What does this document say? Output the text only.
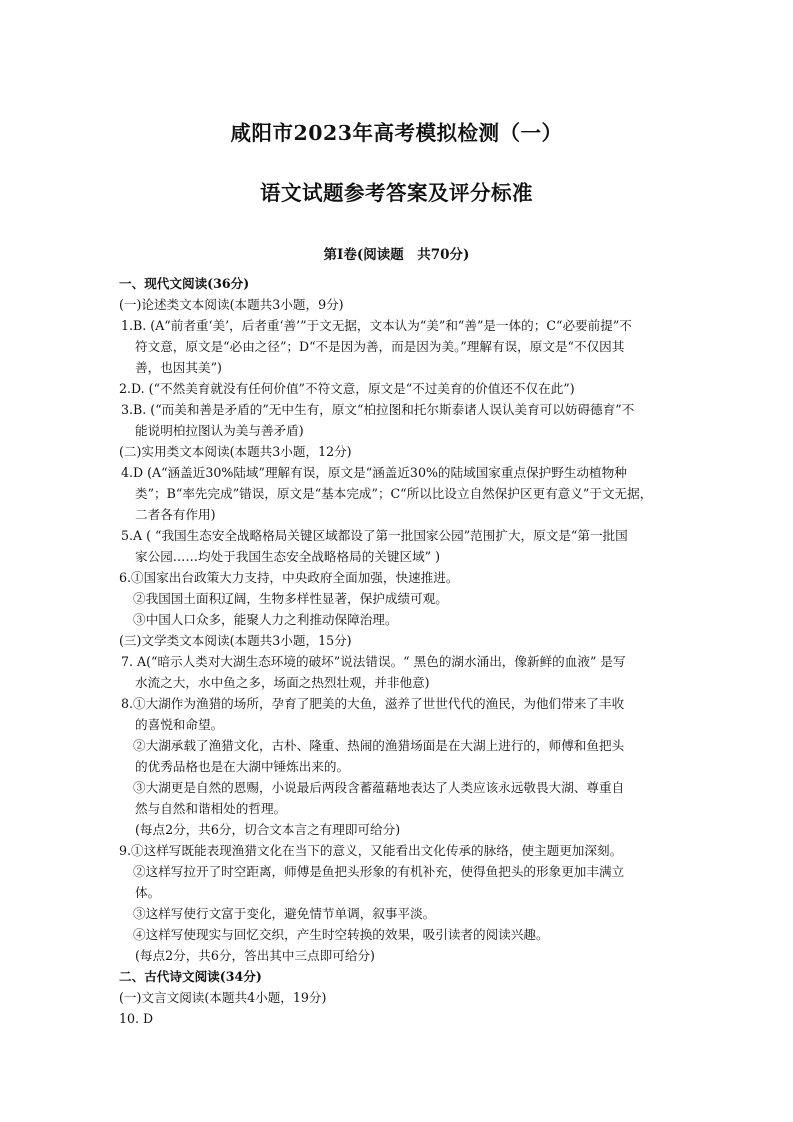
咸阳市2023年高考模拟检测（一）
语文试题参考答案及评分标准
第Ⅰ卷(阅读题　共70分)
一、现代文阅读(36分)
(一)论述类文本阅读(本题共3小题，9分)
1.B. (A“前者重‘美’，后者重‘善’”于文无据，文本认为“美”和“善”是一体的；C“必要前提”不
符文意，原文是“必由之径”；D“不是因为善，而是因为美。”理解有误，原文是“不仅因其
善，也因其美”)
2.D. (“不然美育就没有任何价值”不符文意，原文是“不过美育的价值还不仅在此”)
3.B. (“而美和善是矛盾的”无中生有，原文“柏拉图和托尔斯泰诸人误认美育可以妨碍德育”不
能说明柏拉图认为美与善矛盾)
(二)实用类文本阅读(本题共3小题，12分)
4.D (A“涵盖近30%陆域”理解有误，原文是“涵盖近30%的陆域国家重点保护野生动植物种
类”；B“率先完成”错误，原文是“基本完成”；C“所以比设立自然保护区更有意义”于文无据，
二者各有作用)
5.A ( “我国生态安全战略格局关键区域都设了第一批国家公园”范围扩大，原文是“第一批国
家公园……均处于我国生态安全战略格局的关键区域” )
6.①国家出台政策大力支持，中央政府全面加强，快速推进。
②我国国土面积辽阔，生物多样性显著，保护成绩可观。
③中国人口众多，能聚人力之利推动保障治理。
(三)文学类文本阅读(本题共3小题，15分)
7. A(“暗示人类对大湖生态环境的破坏”说法错误。“ 黑色的湖水涌出，像新鲜的血液” 是写
水流之大，水中鱼之多，场面之热烈壮观，并非他意)
8.①大湖作为渔猎的场所，孕育了肥美的大鱼，滋养了世世代代的渔民，为他们带来了丰收
的喜悦和命望。
②大湖承载了渔猎文化，古朴、隆重、热闹的渔猎场面是在大湖上进行的，师傅和鱼把头
的优秀品格也是在大湖中锤炼出来的。
③大湖更是自然的恩赐，小说最后两段含蓄蕴藉地表达了人类应该永远敬畏大湖、尊重自
然与自然和谐相处的哲理。
(每点2分，共6分，切合文本言之有理即可给分)
9.①这样写既能表现渔猎文化在当下的意义，又能看出文化传承的脉络，使主题更加深刻。
②这样写拉开了时空距离，师傅是鱼把头形象的有机补充，使得鱼把头的形象更加丰满立
体。
③这样写使行文富于变化，避免情节单调，叙事平淡。
④这样写使现实与回忆交织，产生时空转换的效果，吸引读者的阅读兴趣。
(每点2分，共6分，答出其中三点即可给分)
二、古代诗文阅读(34分)
(一)文言文阅读(本题共4小题，19分)
10. D
